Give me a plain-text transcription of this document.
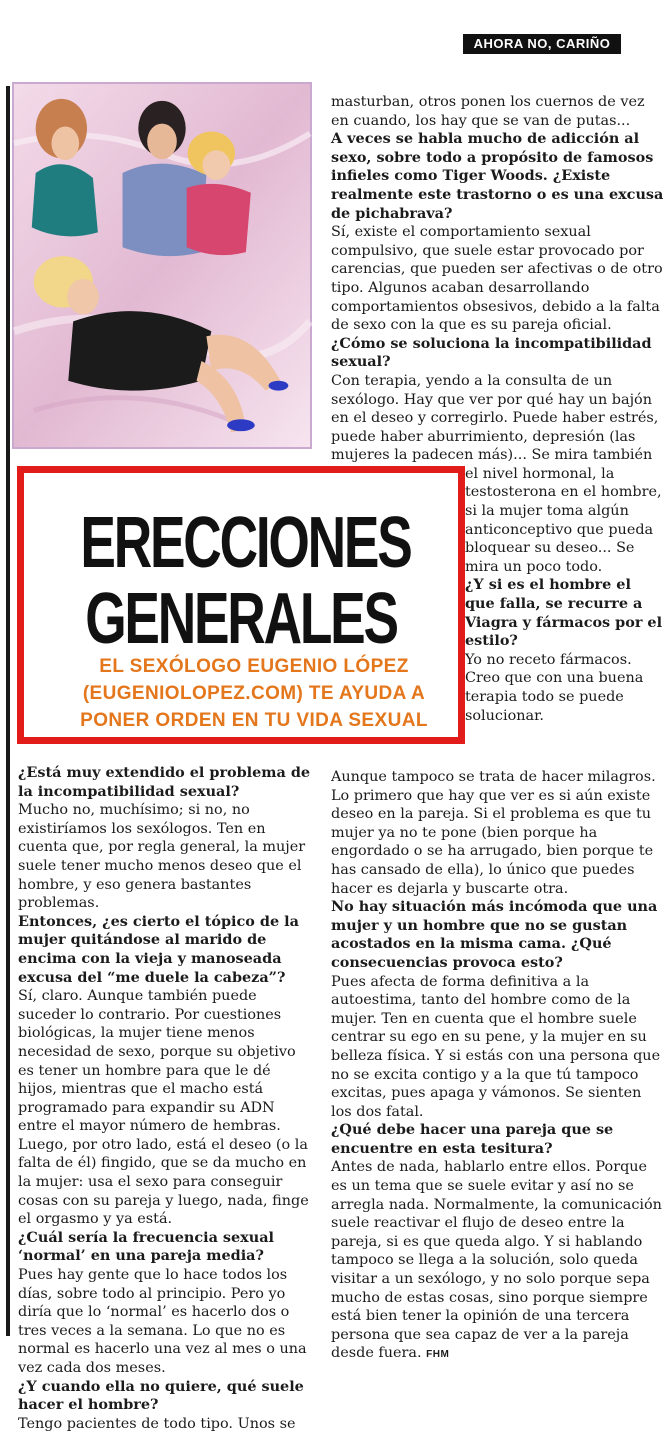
AHORA NO, CARIÑO
ERECCIONES
GENERALES
EL SEXÓLOGO EUGENIO LÓPEZ (EUGENIOLOPEZ.COM) TE AYUDA A PONER ORDEN EN TU VIDA SEXUAL

¿Está muy extendido el problema de la incompatibilidad sexual?

Mucho no, muchísimo; si no, no existiríamos los sexólogos. Ten en cuenta que, por regla general, la mujer suele tener mucho menos deseo que el hombre, y eso genera bastantes problemas.

Entonces, ¿es cierto el tópico de la mujer quitándose al marido de encima con la vieja y manoseada excusa del “me duele la cabeza”?

Sí, claro. Aunque también puede suceder lo contrario. Por cuestiones biológicas, la mujer tiene menos necesidad de sexo, porque su objetivo es tener un hombre para que le dé hijos, mientras que el macho está programado para expandir su ADN entre el mayor número de hembras. Luego, por otro lado, está el deseo (o la falta de él) fingido, que se da mucho en la mujer: usa el sexo para conseguir cosas con su pareja y luego, nada, finge el orgasmo y ya está.

¿Cuál sería la frecuencia sexual ‘normal’ en una pareja media?

Pues hay gente que lo hace todos los días, sobre todo al principio. Pero yo diría que lo ‘normal’ es hacerlo dos o tres veces a la semana. Lo que no es normal es hacerlo una vez al mes o una vez cada dos meses.

¿Y cuando ella no quiere, qué suele hacer el hombre?

Tengo pacientes de todo tipo. Unos se

masturban, otros ponen los cuernos de vez en cuando, los hay que se van de putas...

A veces se habla mucho de adicción al sexo, sobre todo a propósito de famosos infieles como Tiger Woods. ¿Existe realmente este trastorno o es una excusa de pichabrava?

Sí, existe el comportamiento sexual compulsivo, que suele estar provocado por carencias, que pueden ser afectivas o de otro tipo. Algunos acaban desarrollando comportamientos obsesivos, debido a la falta de sexo con la que es su pareja oficial.

¿Cómo se soluciona la incompatibilidad sexual?

Con terapia, yendo a la consulta de un sexólogo. Hay que ver por qué hay un bajón en el deseo y corregirlo. Puede haber estrés, puede haber aburrimiento, depresión (las mujeres la padecen más)... Se mira también

el nivel hormonal, la testosterona en el hombre, si la mujer toma algún anticonceptivo que pueda bloquear su deseo... Se mira un poco todo.

¿Y si es el hombre el que falla, se recurre a Viagra y fármacos por el estilo?

Yo no receto fármacos. Creo que con una buena terapia todo se puede solucionar.

Aunque tampoco se trata de hacer milagros. Lo primero que hay que ver es si aún existe deseo en la pareja. Si el problema es que tu mujer ya no te pone (bien porque ha engordado o se ha arrugado, bien porque te has cansado de ella), lo único que puedes hacer es dejarla y buscarte otra.

No hay situación más incómoda que una mujer y un hombre que no se gustan acostados en la misma cama. ¿Qué consecuencias provoca esto?

Pues afecta de forma definitiva a la autoestima, tanto del hombre como de la mujer. Ten en cuenta que el hombre suele centrar su ego en su pene, y la mujer en su belleza física. Y si estás con una persona que no se excita contigo y a la que tú tampoco excitas, pues apaga y vámonos. Se sienten los dos fatal.

¿Qué debe hacer una pareja que se encuentre en esta tesitura?

Antes de nada, hablarlo entre ellos. Porque es un tema que se suele evitar y así no se arregla nada. Normalmente, la comunicación suele reactivar el flujo de deseo entre la pareja, si es que queda algo. Y si hablando tampoco se llega a la solución, solo queda visitar a un sexólogo, y no solo porque sepa mucho de estas cosas, sino porque siempre está bien tener la opinión de una tercera persona que sea capaz de ver a la pareja desde fuera. FHM
